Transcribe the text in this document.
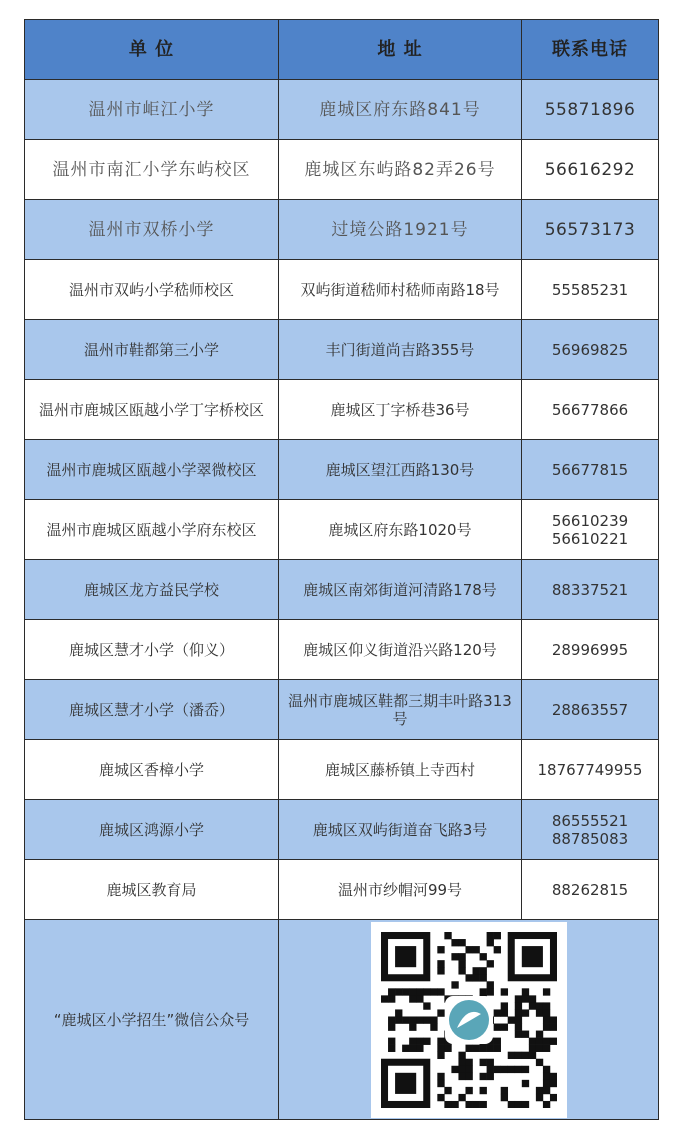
单 位	地 址	联系电话
温州市岠江小学	鹿城区府东路841号	55871896

温州市南汇小学东屿校区	鹿城区东屿路82弄26号	56616292

温州市双桥小学	过境公路1921号	56573173

温州市双屿小学嵇师校区	双屿街道嵇师村嵇师南路18号	55585231

温州市鞋都第三小学	丰门街道尚吉路355号	56969825

温州市鹿城区瓯越小学丁字桥校区	鹿城区丁字桥巷36号	56677866

温州市鹿城区瓯越小学翠微校区	鹿城区望江西路130号	56677815

温州市鹿城区瓯越小学府东校区	鹿城区府东路1020号	56610239
56610221

鹿城区龙方益民学校	鹿城区南郊街道河清路178号	88337521

鹿城区慧才小学（仰义）	鹿城区仰义街道沿兴路120号	28996995

鹿城区慧才小学（潘岙）	温州市鹿城区鞋都三期丰叶路313号	28863557

鹿城区香樟小学	鹿城区藤桥镇上寺西村	18767749955

鹿城区鸿源小学	鹿城区双屿街道奋飞路3号	86555521
88785083

鹿城区教育局	温州市纱帽河99号	88262815

“鹿城区小学招生”微信公众号	
